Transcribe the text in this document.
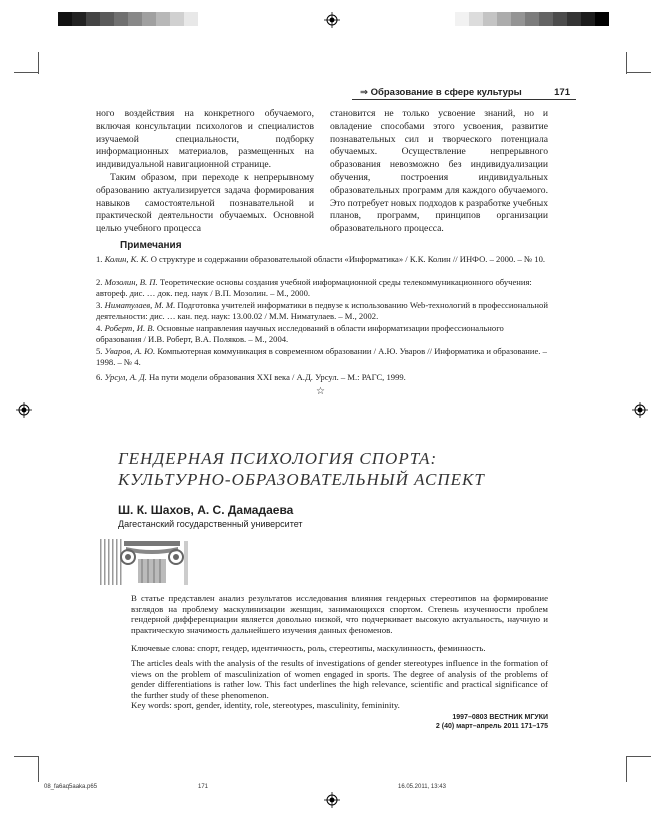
⇒ Образование в сфере культуры	171

ного воздействия на конкретного обучаемого, включая консультации психологов и специалистов изучаемой специальности, подборку информационных материалов, размещенных на индивидуальной навигационной странице.

Таким образом, при переходе к непрерывному образованию актуализируется задача формирования навыков самостоятельной познавательной и практической деятельности обучаемых. Основной целью учебного процесса

становится не только усвоение знаний, но и овладение способами этого усвоения, развитие познавательных сил и творческого потенциала обучаемых. Осуществление непрерывного образования невозможно без индивидуализации обучения, построения индивидуальных образовательных программ для каждого обучаемого. Это потребует новых подходов к разработке учебных планов, программ, принципов организации образовательного процесса.

Примечания
1. Колин, К. К. О структуре и содержании образовательной области «Информатика» / К.К. Колин // ИНФО. – 2000. – № 10.
2. Мозолин, В. П. Теоретические основы создания учебной информационной среды телекоммуникационного обучения: автореф. дис. … док. пед. наук / В.П. Мозолин. – М., 2000.
3. Ниматулаев, М. М. Подготовка учителей информатики в педвузе к использованию Web-технологий в профессиональной деятельности: дис. … кан. пед. наук: 13.00.02 / М.М. Ниматулаев. – М., 2002.
4. Роберт, И. В. Основные направления научных исследований в области информатизации профессионального образования / И.В. Роберт, В.А. Поляков. – М., 2004.
5. Уваров, А. Ю. Компьютерная коммуникация в современном образовании / А.Ю. Уваров // Информатика и образование. – 1998. – № 4.
6. Урсул, А. Д. На пути модели образования XXI века / А.Д. Урсул. – М.: РАГС, 1999.
☆
ГЕНДЕРНАЯ ПСИХОЛОГИЯ СПОРТА:
КУЛЬТУРНО-ОБРАЗОВАТЕЛЬНЫЙ АСПЕКТ
Ш. К. Шахов, А. С. Дамадаева
Дагестанский государственный университет
В статье представлен анализ результатов исследования влияния гендерных стереотипов на формирование взглядов на проблему маскулинизации женщин, занимающихся спортом. Степень изученности проблем гендерной дифференциации является довольно низкой, что подчеркивает высокую актуальность, научную и практическую значимость дальнейшего изучения данных феноменов.
Ключевые слова: спорт, гендер, идентичность, роль, стереотипы, маскулинность, феминность.
The articles deals with the analysis of the results of investigations of gender stereotypes influence in the formation of views on the problem of masculinization of women engaged in sports. The degree of analysis of the problems of gender differentiations is rather low. This fact underlines the high relevance, scientific and practical significance of the further study of these phenomenon.
Key words: sport, gender, identity, role, stereotypes, masculinity, femininity.
1997–0803 ВЕСТНИК МГУКИ
2 (40) март–апрель 2011 171–175
08_fa6aq5aaka.p65	171	16.05.2011, 13:43
